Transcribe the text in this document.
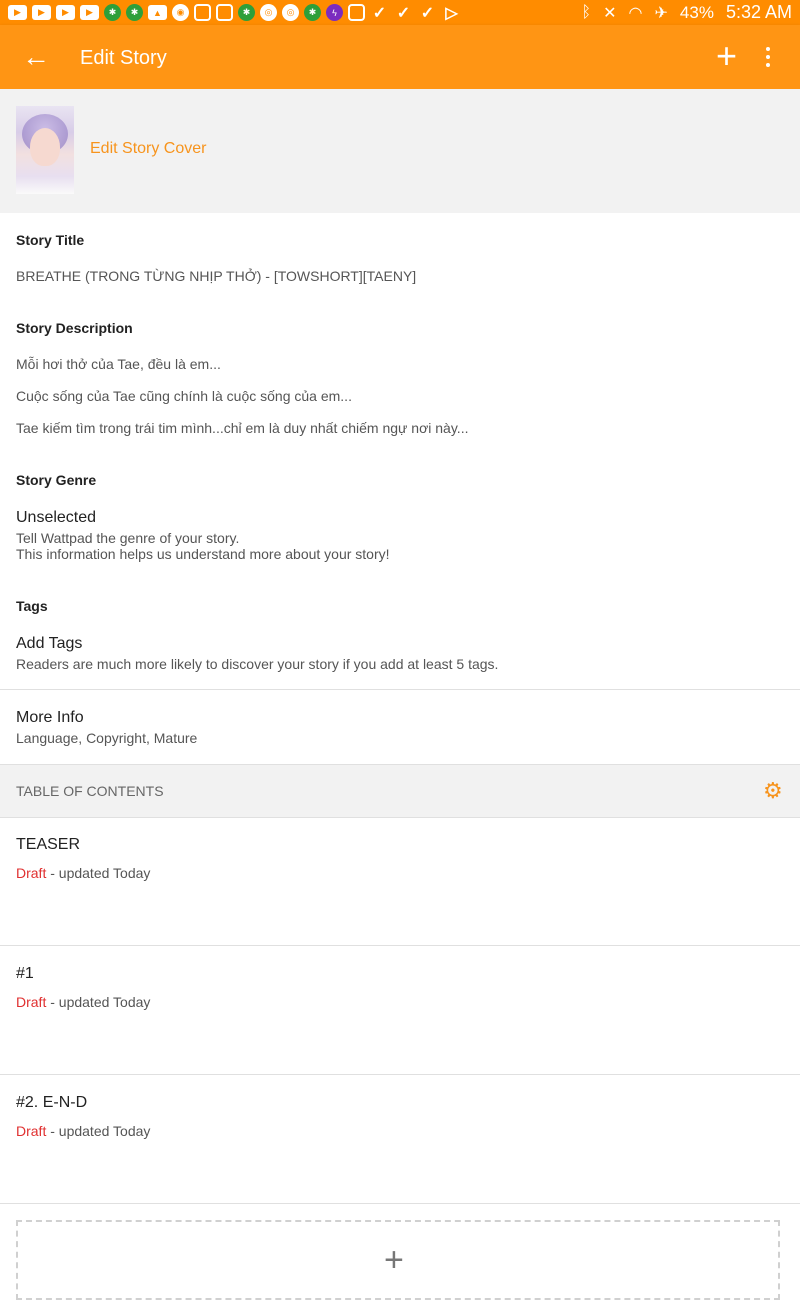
▶	▶	▶	▶	✱	✱	▲	◉	✱	◎	◎	✱	ϟ	✓ ✓ ✓ ▷	ᛒ ✕ ◠ ✈ 43% 5:32 AM
← Edit Story	+
Edit Story Cover
Story Title
BREATHE (TRONG TỪNG NHỊP THỞ) - [TOWSHORT][TAENY]
Story Description
Mỗi hơi thở của Tae, đều là em...
Cuộc sống của Tae cũng chính là cuộc sống của em...
Tae kiếm tìm trong trái tim mình...chỉ em là duy nhất chiếm ngự nơi này...
Story Genre
Unselected
Tell Wattpad the genre of your story.
This information helps us understand more about your story!
Tags
Add Tags
Readers are much more likely to discover your story if you add at least 5 tags.
More Info
Language, Copyright, Mature
TABLE OF CONTENTS	⚙
TEASER
Draft - updated Today
#1
Draft - updated Today
#2. E-N-D
Draft - updated Today
+
